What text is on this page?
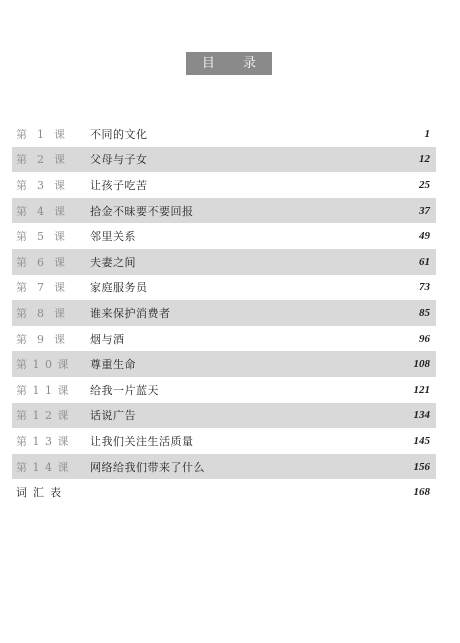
目 录
第  1  课	不同的文化	1
第  2  课	父母与子女	12
第  3  课	让孩子吃苦	25
第  4  课	拾金不昧要不要回报	37
第  5  课	邻里关系	49
第  6  课	夫妻之间	61
第  7  课	家庭服务员	73
第  8  课	谁来保护消费者	85
第  9  课	烟与酒	96
第 1 0 课	尊重生命	108
第 1 1 课	给我一片蓝天	121
第 1 2 课	话说广告	134
第 1 3 课	让我们关注生活质量	145
第 1 4 课	网络给我们带来了什么	156
词汇表	168
